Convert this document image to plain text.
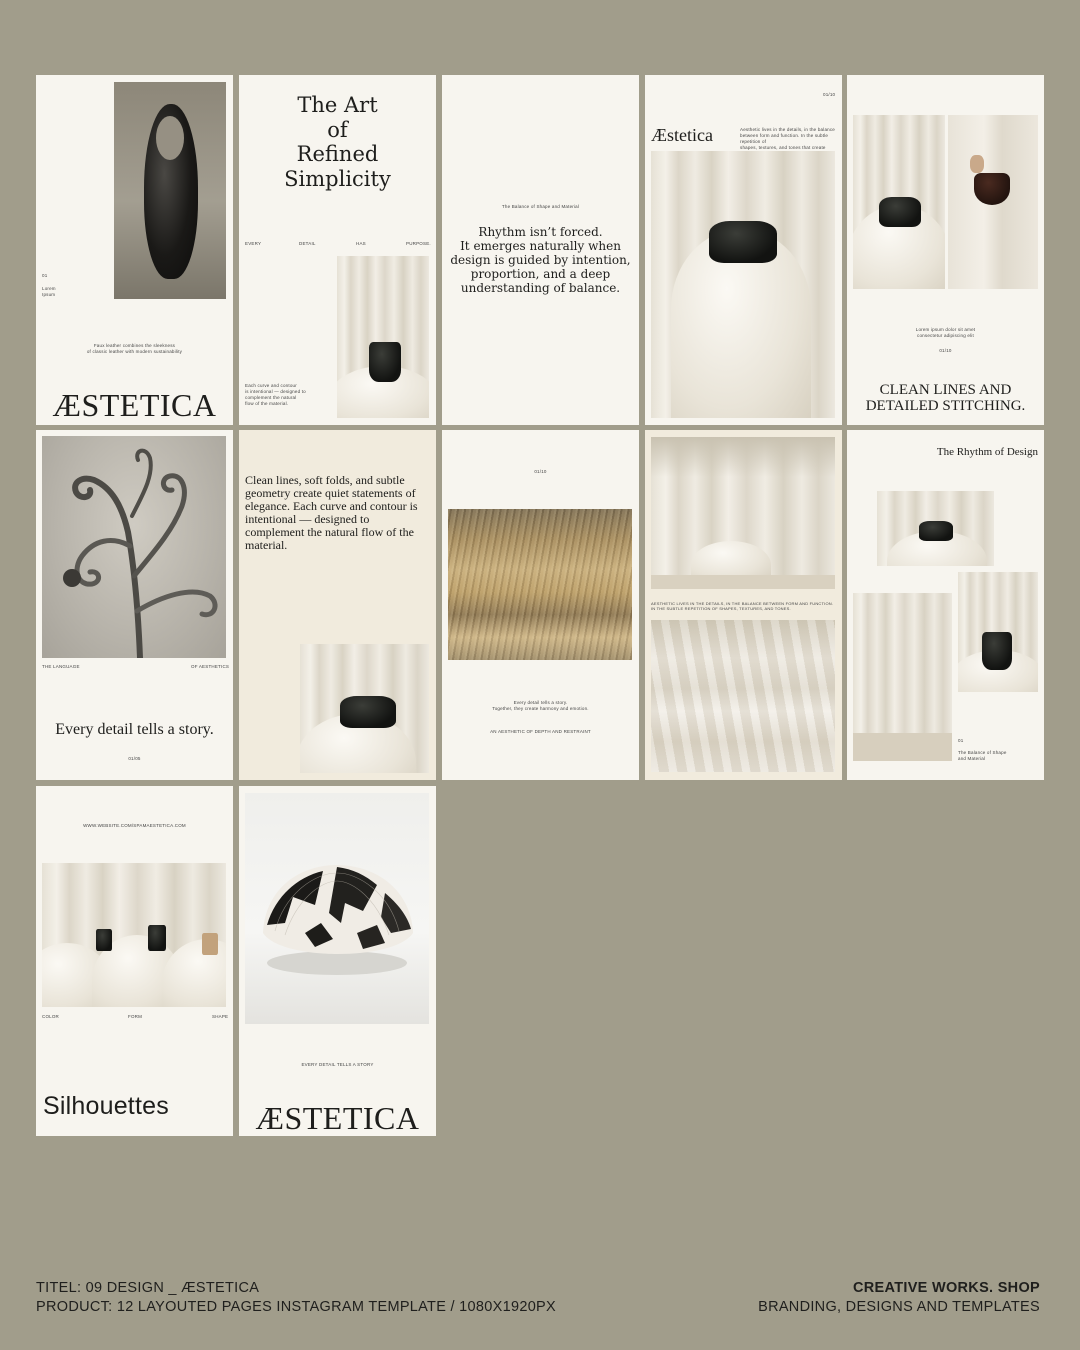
01
Lorem
Ipsum
Faux leather combines the sleekness
of classic leather with modern sustainability
ÆSTETICA
The Art
of
Refined
Simplicity
EVERY	DETAIL	HAS	PURPOSE.
Each curve and contour
is intentional — designed to
complement the natural
flow of the material.
The Balance of Shape and Material
Rhythm isn’t forced.
It emerges naturally when
design is guided by intention,
proportion, and a deep
understanding of balance.
01/10
Æstetica	Aesthetic lives in the details, in the balance
between form and function. In the subtle repetition of
shapes, textures, and tones that create
Lorem ipsum dolor sit amet
consectetur adipiscing elit
01/10
CLEAN LINES AND
DETAILED STITCHING.
THE LANGUAGE	OF AESTHETICS
Every detail tells a story.
01/05
Clean lines, soft folds, and subtle geometry create quiet statements of elegance. Each curve and contour is intentional — designed to complement the natural flow of the material.
01/10
Every detail tells a story.
Together, they create harmony and emotion.
AN AESTHETIC OF DEPTH AND RESTRAINT
AESTHETIC LIVES IN THE DETAILS, IN THE BALANCE BETWEEN FORM AND FUNCTION.
IN THE SUBTLE REPETITION OF SHAPES, TEXTURES, AND TONES.
The Rhythm of Design
01
The Balance of Shape
and Material
WWW.WEBSITE.COM/SPAMAESTETICA.COM
COLOR	FORM	SHAPE
Silhouettes
EVERY DETAIL TELLS A STORY
ÆSTETICA
TITEL: 09 DESIGN _ ÆSTETICA
PRODUCT: 12 LAYOUTED PAGES INSTAGRAM TEMPLATE / 1080X1920PX
CREATIVE WORKS. SHOP
BRANDING, DESIGNS AND TEMPLATES
